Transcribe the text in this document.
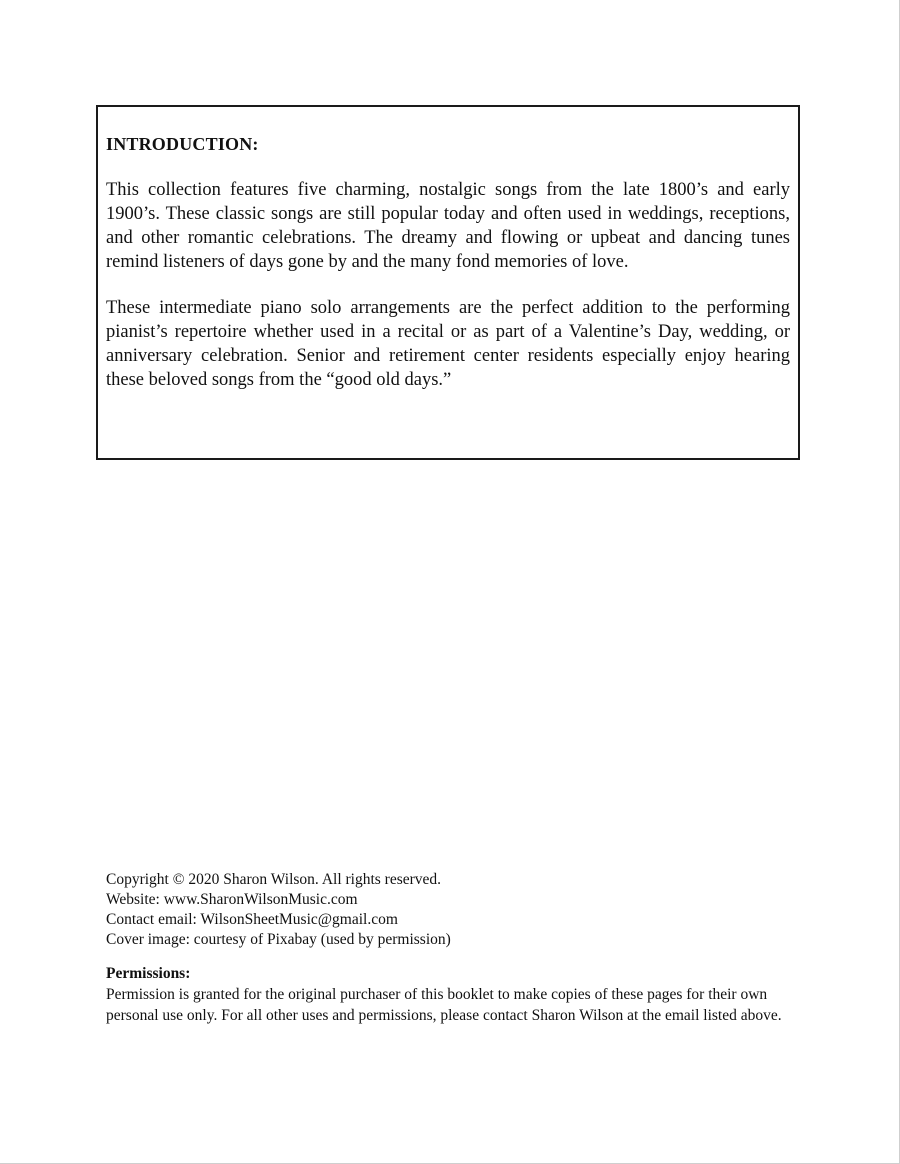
INTRODUCTION:

This collection features five charming, nostalgic songs from the late 1800’s and early 1900’s. These classic songs are still popular today and often used in weddings, receptions, and other romantic celebrations. The dreamy and flowing or upbeat and dancing tunes remind listeners of days gone by and the many fond memories of love.

These intermediate piano solo arrangements are the perfect addition to the performing pianist’s repertoire whether used in a recital or as part of a Valentine’s Day, wedding, or anniversary celebration. Senior and retirement center residents especially enjoy hearing these beloved songs from the “good old days.”

Copyright © 2020 Sharon Wilson. All rights reserved.
Website: www.SharonWilsonMusic.com
Contact email: WilsonSheetMusic@gmail.com
Cover image: courtesy of Pixabay (used by permission)
Permissions:

Permission is granted for the original purchaser of this booklet to make copies of these pages for their own personal use only. For all other uses and permissions, please contact Sharon Wilson at the email listed above.
